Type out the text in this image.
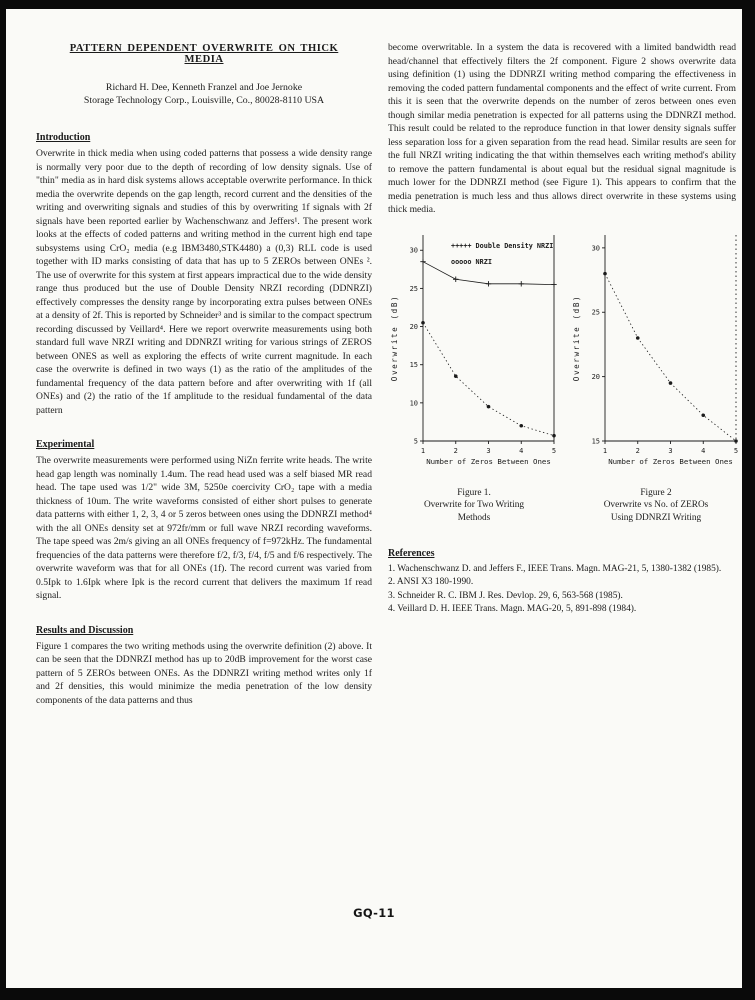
PATTERN DEPENDENT OVERWRITE ON THICK MEDIA
Richard H. Dee, Kenneth Franzel and Joe Jernoke
Storage Technology Corp., Louisville, Co., 80028-8110 USA
Introduction

Overwrite in thick media when using coded patterns that possess a wide density range is normally very poor due to the depth of recording of low density signals. Use of "thin" media as in hard disk systems allows acceptable overwrite performance. In thick media the overwrite depends on the gap length, record current and the densities of the writing and overwriting signals and studies of this by overwriting 1f signals with 2f signals have been reported earlier by Wachenschwanz and Jeffers¹. The present work looks at the effects of coded patterns and writing method in the current high end tape subsystems using CrO₂ media (e.g IBM3480,STK4480) a (0,3) RLL code is used together with ID marks consisting of data that has up to 5 ZEROs between ONEs ². The use of overwrite for this system at first appears impractical due to the wide density range thus produced but the use of Double Density NRZI recording (DDNRZI) effectively compresses the density range by incorporating extra pulses between ONEs at a density of 2f. This is reported by Schneider³ and is similar to the compact spectrum recording discussed by Veillard⁴. Here we report overwrite measurements using both standard full wave NRZI writing and DDNRZI writing for various strings of ZEROS between ONES as well as exploring the effects of write current magnitude. In each case the overwrite is defined in two ways (1) as the ratio of the amplitudes of the fundamental frequency of the data pattern before and after overwriting with 1f (all ONEs) and (2) the ratio of the 1f amplitude to the residual fundamental of the data pattern

Experimental

The overwrite measurements were performed using NiZn ferrite write heads. The write head gap length was nominally 1.4um. The read head used was a self biased MR read head. The tape used was 1/2" wide 3M, 5250e coercivity CrO₂ tape with a media thickness of 10um. The write waveforms consisted of either short pulses to generate data patterns with either 1, 2, 3, 4 or 5 zeros between ones using the DDNRZI method⁴ with the all ONEs density set at 972fr/mm or full wave NRZI recording waveforms. The tape speed was 2m/s giving an all ONEs frequency of f=972kHz. The fundamental frequencies of the data patterns were therefore f/2, f/3, f/4, f/5 and f/6 respectively. The overwrite waveform was that for all ONEs (1f). The record current was varied from 0.5Ipk to 1.6Ipk where Ipk is the record current that delivers the maximum 1f read signal.

Results and Discussion

Figure 1 compares the two writing methods using the overwrite definition (2) above. It can be seen that the DDNRZI method has up to 20dB improvement for the worst case pattern of 5 ZEROs between ONEs. As the DDNRZI writing method writes only 1f and 2f densities, this would minimize the media penetration of the low density components of the data patterns and thus

become overwritable. In a system the data is recovered with a limited bandwidth read head/channel that effectively filters the 2f component. Figure 2 shows overwrite data using definition (1) using the DDNRZI writing method comparing the effectiveness in removing the coded pattern fundamental components and the effect of write current. From this it is seen that the overwrite depends on the number of zeros between ones even though similar media penetration is expected for all patterns using the DDNRZI method. This result could be related to the reproduce function in that lower density signals suffer less separation loss for a given separation from the read head. Similar results are seen for the full NRZI writing indicating the that within themselves each writing method's ability to remove the pattern fundamental is about equal but the residual signal magnitude is much lower for the DDNRZI method (see Figure 1). This appears to confirm that the media penetration is much less and thus allows direct overwrite in these systems using thick media.

5
10
15
20
25
30
1	2	3	4	5
Number of Zeros Between Ones
Overwrite (dB)
+++++ Double Density NRZI
ooooo NRZI
Figure 1.
Overwrite for Two Writing
Methods
15
20
25
30
1	2	3	4	5
Number of Zeros Between Ones
Overwrite (dB)
Figure 2
Overwrite vs No. of ZEROs
Using DDNRZI Writing
References
1. Wachenschwanz D. and Jeffers F., IEEE Trans. Magn. MAG-21, 5, 1380-1382 (1985).
2. ANSI X3 180-1990.
3. Schneider R. C. IBM J. Res. Devlop. 29, 6, 563-568 (1985).
4. Veillard D. H. IEEE Trans. Magn. MAG-20, 5, 891-898 (1984).
GQ-11
